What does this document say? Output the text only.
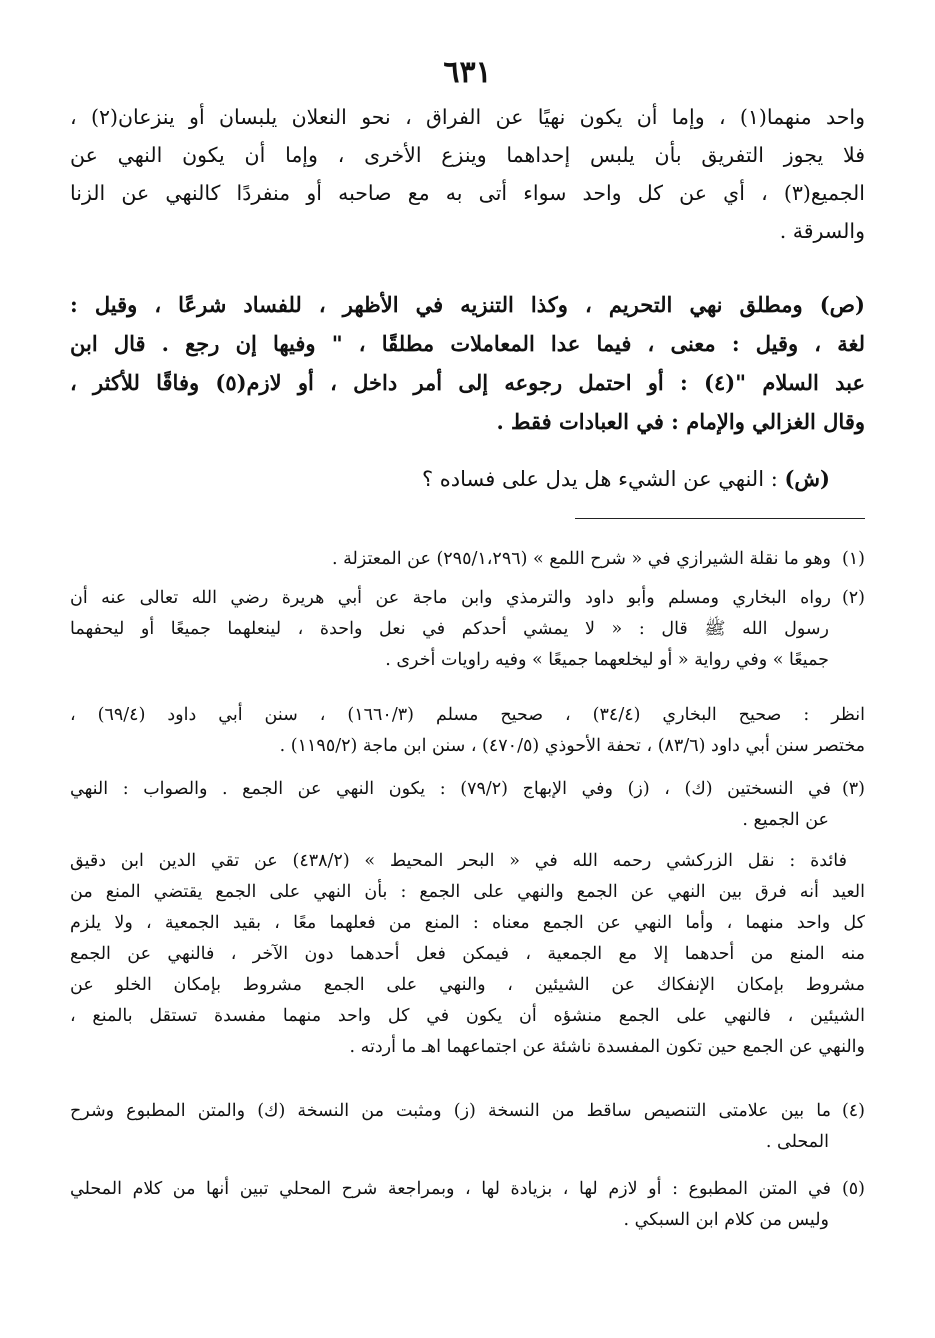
٦٣١
واحد منهما(١) ، وإما أن يكون نهيًا عن الفراق ، نحو النعلان يلبسان أو ينزعان(٢) ،
فلا يجوز التفريق بأن يلبس إحداهما وينزع الأخرى ، وإما أن يكون النهي عن
الجميع(٣) ، أي عن كل واحد سواء أتى به مع صاحبه أو منفردًا كالنهي عن الزنا
والسرقة .
(ص) ومطلق نهي التحريم ، وكذا التنزيه في الأظهر ، للفساد شرعًا ، وقيل :
لغة ، وقيل : معنى ، فيما عدا المعاملات مطلقًا ، " وفيها إن رجع . قال ابن
عبد السلام "(٤) : أو احتمل رجوعه إلى أمر داخل ، أو لازم(٥) وفاقًا للأكثر ،
وقال الغزالي والإمام : في العبادات فقط .
(ش) : النهي عن الشيء هل يدل على فساده ؟
(١)وهو ما نقلة الشيرازي في « شرح اللمع » (٢٩٥/١،٢٩٦) عن المعتزلة .
(٢)رواه البخاري ومسلم وأبو داود والترمذي وابن ماجة عن أبي هريرة رضي الله تعالى عنه أن
رسول الله ﷺ قال : « لا يمشي أحدكم في نعل واحدة ، لينعلهما جميعًا أو ليحفهما
جميعًا » وفي رواية « أو ليخلعهما جميعًا » وفيه راويات أخرى .
انظر : صحيح البخاري (٣٤/٤) ، صحيح مسلم (١٦٦٠/٣) ، سنن أبي داود (٦٩/٤) ،
مختصر سنن أبي داود (٨٣/٦) ، تحفة الأحوذي (٤٧٠/٥) ، سنن ابن ماجة (١١٩٥/٢) .
(٣)في النسختين (ك) ، (ز) وفي الإبهاج (٧٩/٢) : يكون النهي عن الجمع . والصواب : النهي
عن الجميع .
فائدة : نقل الزركشي رحمه الله في « البحر المحيط » (٤٣٨/٢) عن تقي الدين ابن دقيق
العيد أنه فرق بين النهي عن الجمع والنهي على الجمع : بأن النهي على الجمع يقتضي المنع من
كل واحد منهما ، وأما النهي عن الجمع معناه : المنع من فعلهما معًا ، بقيد الجمعية ، ولا يلزم
منه المنع من أحدهما إلا مع الجمعية ، فيمكن فعل أحدهما دون الآخر ، فالنهي عن الجمع
مشروط بإمكان الإنفكاك عن الشيئين ، والنهي على الجمع مشروط بإمكان الخلو عن
الشيئين ، فالنهي على الجمع منشؤه أن يكون في كل واحد منهما مفسدة تستقل بالمنع ،
والنهي عن الجمع حين تكون المفسدة ناشئة عن اجتماعهما اهـ ما أردته .
(٤)ما بين علامتى التنصيص ساقط من النسخة (ز) ومثبت من النسخة (ك) والمتن المطبوع وشرح
المحلى .
(٥)في المتن المطبوع : أو لازم لها ، بزيادة لها ، وبمراجعة شرح المحلي تبين أنها من كلام المحلي
وليس من كلام ابن السبكي .
